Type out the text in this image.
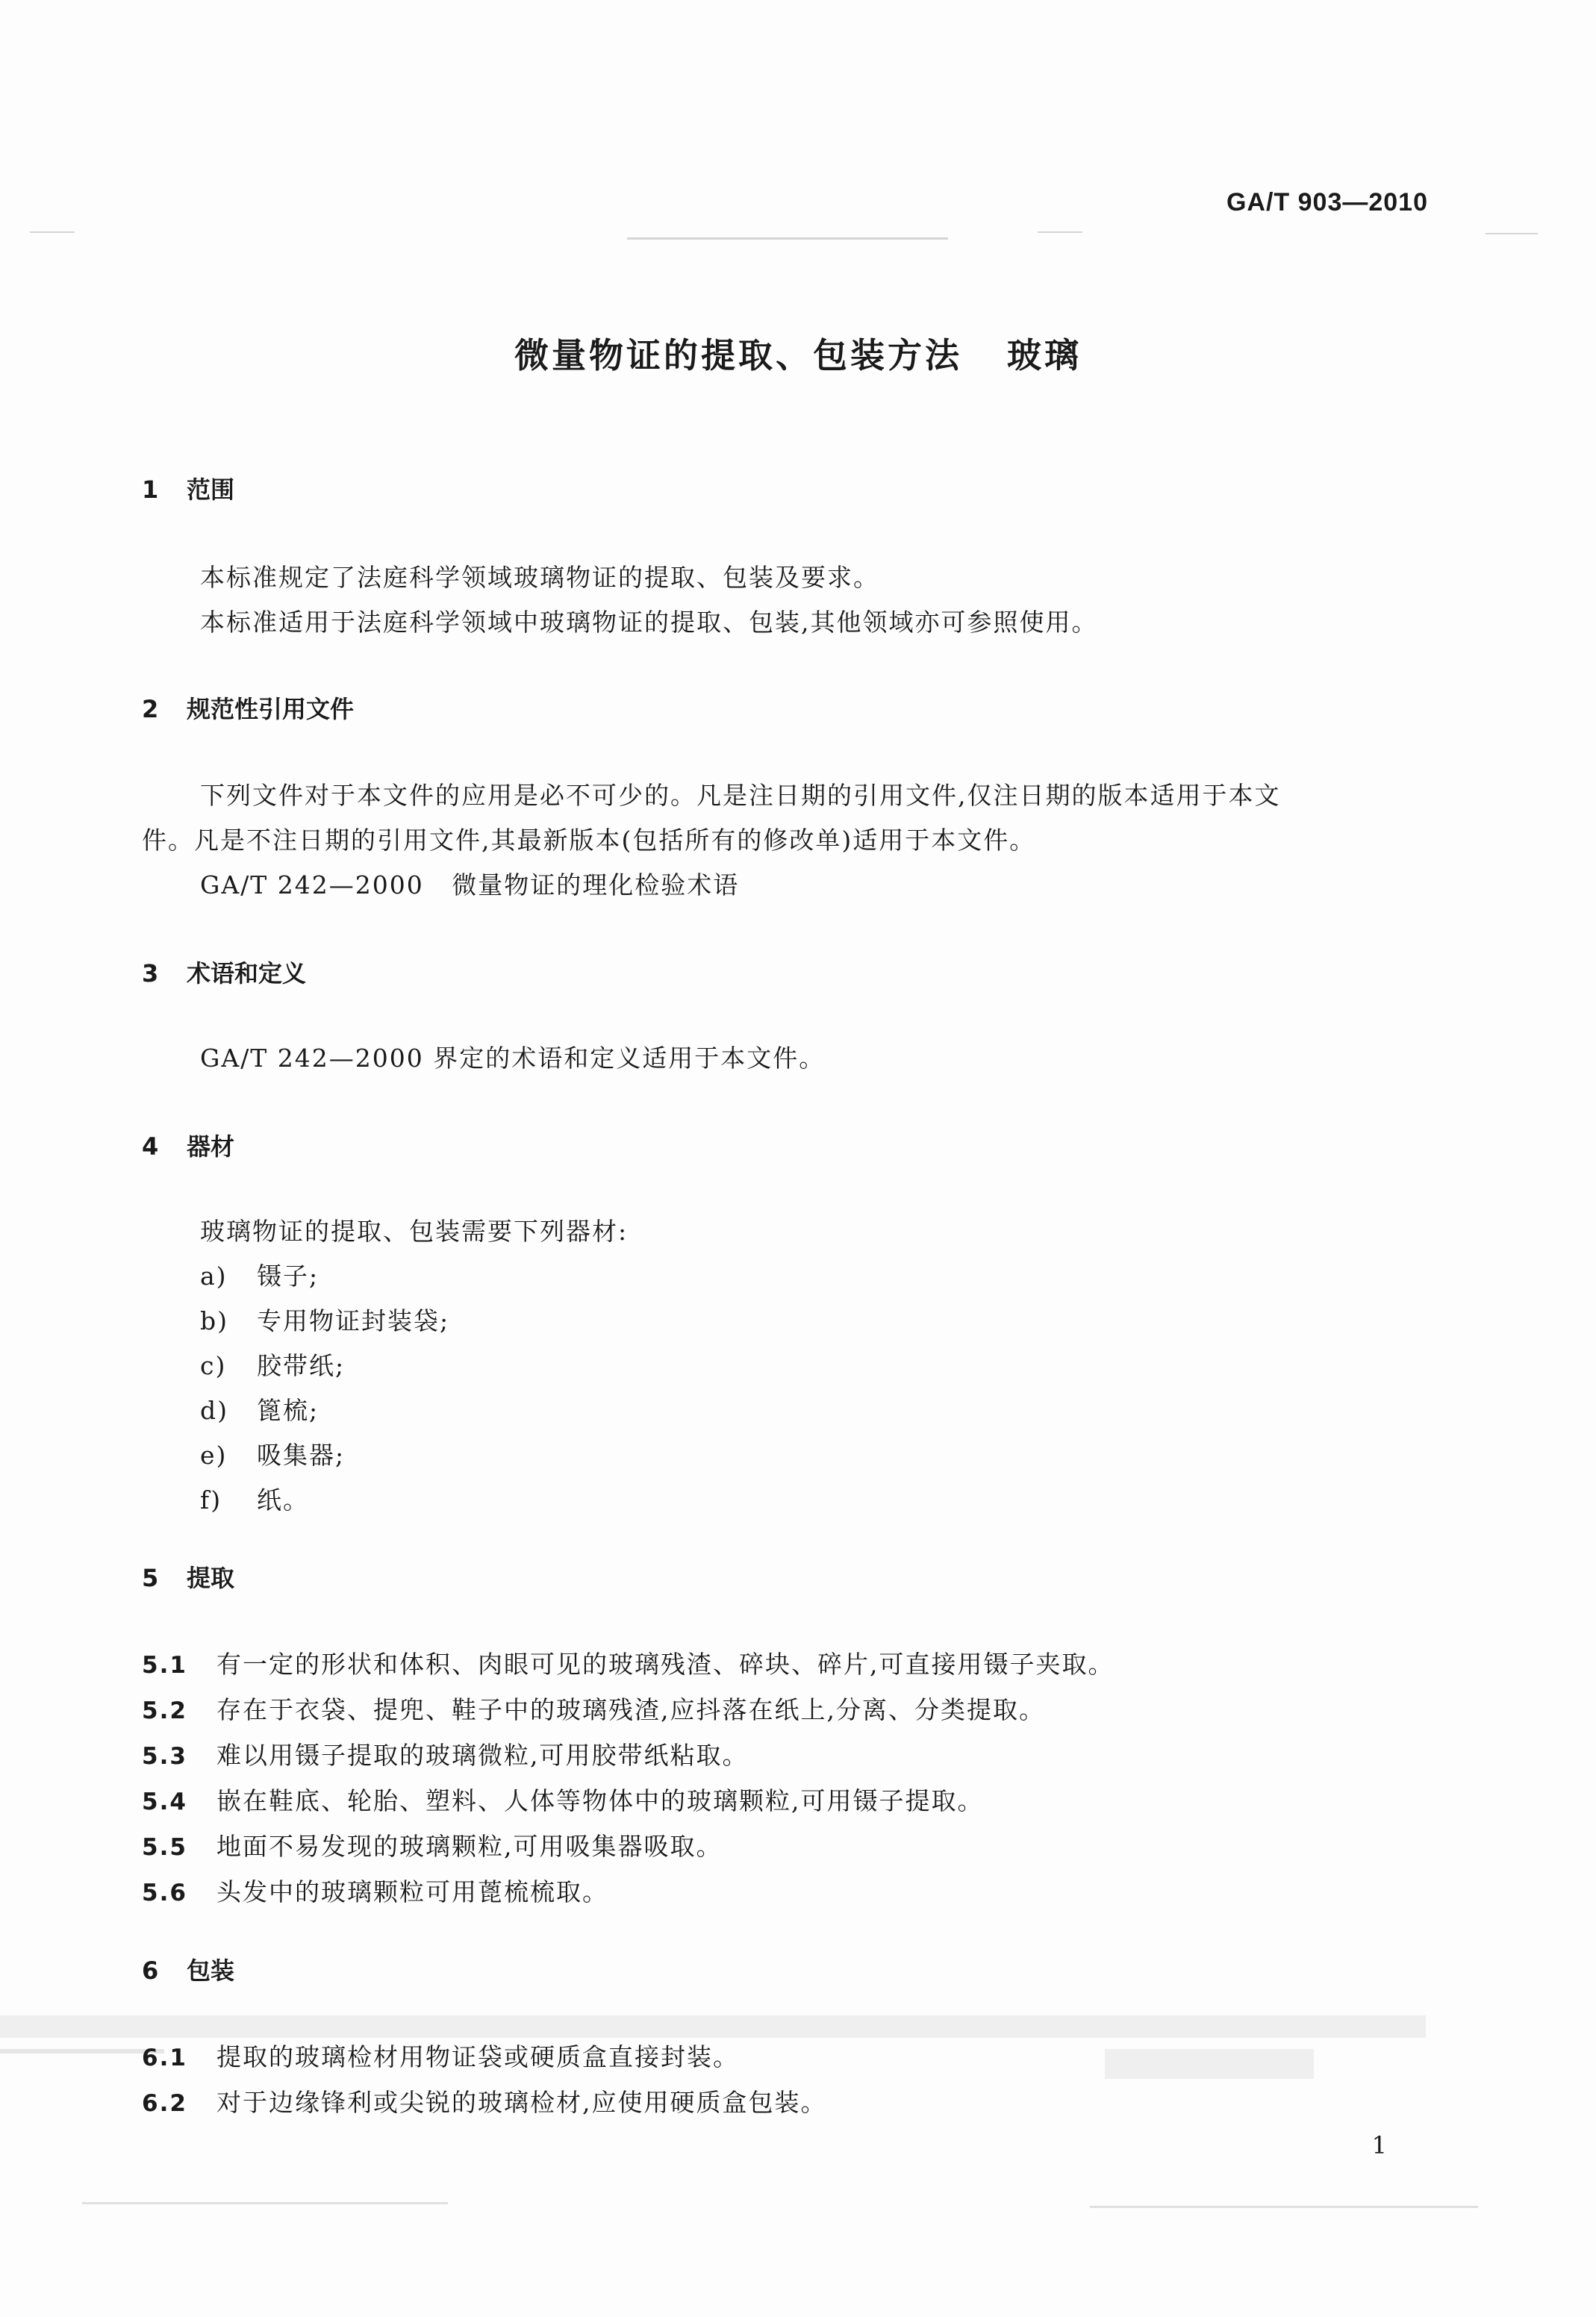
GA/T 903—2010
微量物证的提取、包装方法 玻璃
1 范围
本标准规定了法庭科学领域玻璃物证的提取、包装及要求。
本标准适用于法庭科学领域中玻璃物证的提取、包装,其他领域亦可参照使用。
2 规范性引用文件
下列文件对于本文件的应用是必不可少的。凡是注日期的引用文件,仅注日期的版本适用于本文
件。凡是不注日期的引用文件,其最新版本(包括所有的修改单)适用于本文件。
GA/T 242—2000   微量物证的理化检验术语
3 术语和定义
GA/T 242—2000 界定的术语和定义适用于本文件。
4 器材
玻璃物证的提取、包装需要下列器材:
a) 镊子;
b) 专用物证封装袋;
c) 胶带纸;
d) 篦梳;
e) 吸集器;
f) 纸。
5 提取
5.1 有一定的形状和体积、肉眼可见的玻璃残渣、碎块、碎片,可直接用镊子夹取。
5.2 存在于衣袋、提兜、鞋子中的玻璃残渣,应抖落在纸上,分离、分类提取。
5.3 难以用镊子提取的玻璃微粒,可用胶带纸粘取。
5.4 嵌在鞋底、轮胎、塑料、人体等物体中的玻璃颗粒,可用镊子提取。
5.5 地面不易发现的玻璃颗粒,可用吸集器吸取。
5.6 头发中的玻璃颗粒可用蓖梳梳取。
6 包装
6.1 提取的玻璃检材用物证袋或硬质盒直接封装。
6.2 对于边缘锋利或尖锐的玻璃检材,应使用硬质盒包装。
1
